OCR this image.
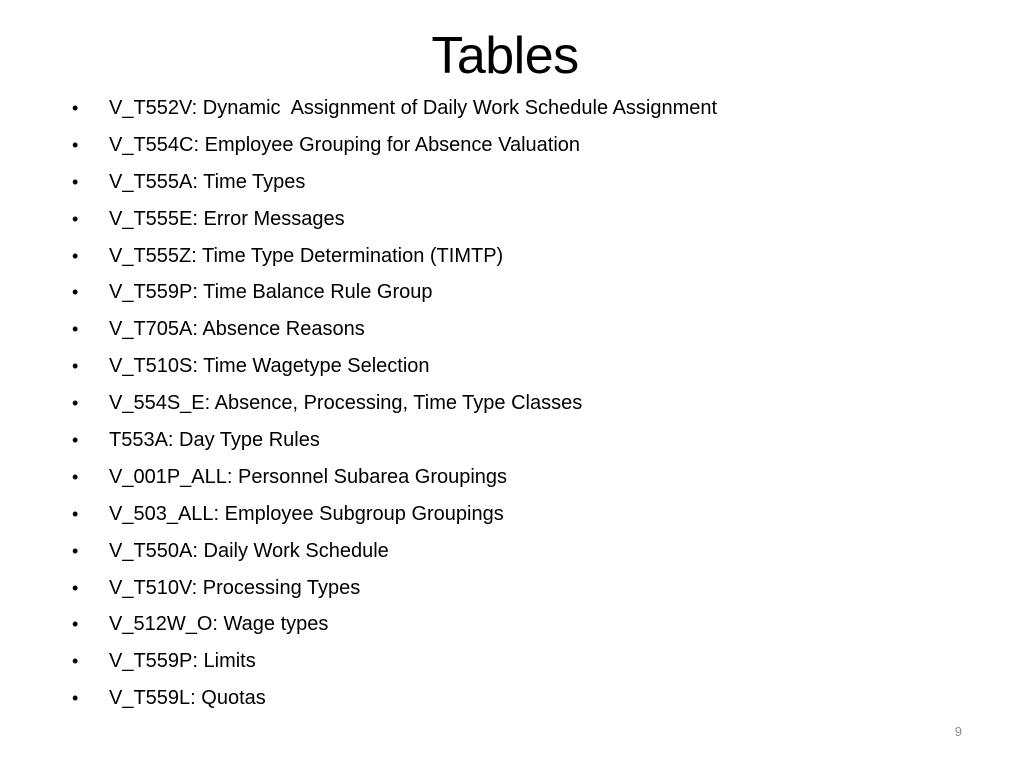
Tables
•	V_T552V: Dynamic  Assignment of Daily Work Schedule Assignment
•	V_T554C: Employee Grouping for Absence Valuation
•	V_T555A: Time Types
•	V_T555E: Error Messages
•	V_T555Z: Time Type Determination (TIMTP)
•	V_T559P: Time Balance Rule Group
•	V_T705A: Absence Reasons
•	V_T510S: Time Wagetype Selection
•	V_554S_E: Absence, Processing, Time Type Classes
•	T553A: Day Type Rules
•	V_001P_ALL: Personnel Subarea Groupings
•	V_503_ALL: Employee Subgroup Groupings
•	V_T550A: Daily Work Schedule
•	V_T510V: Processing Types
•	V_512W_O: Wage types
•	V_T559P: Limits
•	V_T559L: Quotas
9
